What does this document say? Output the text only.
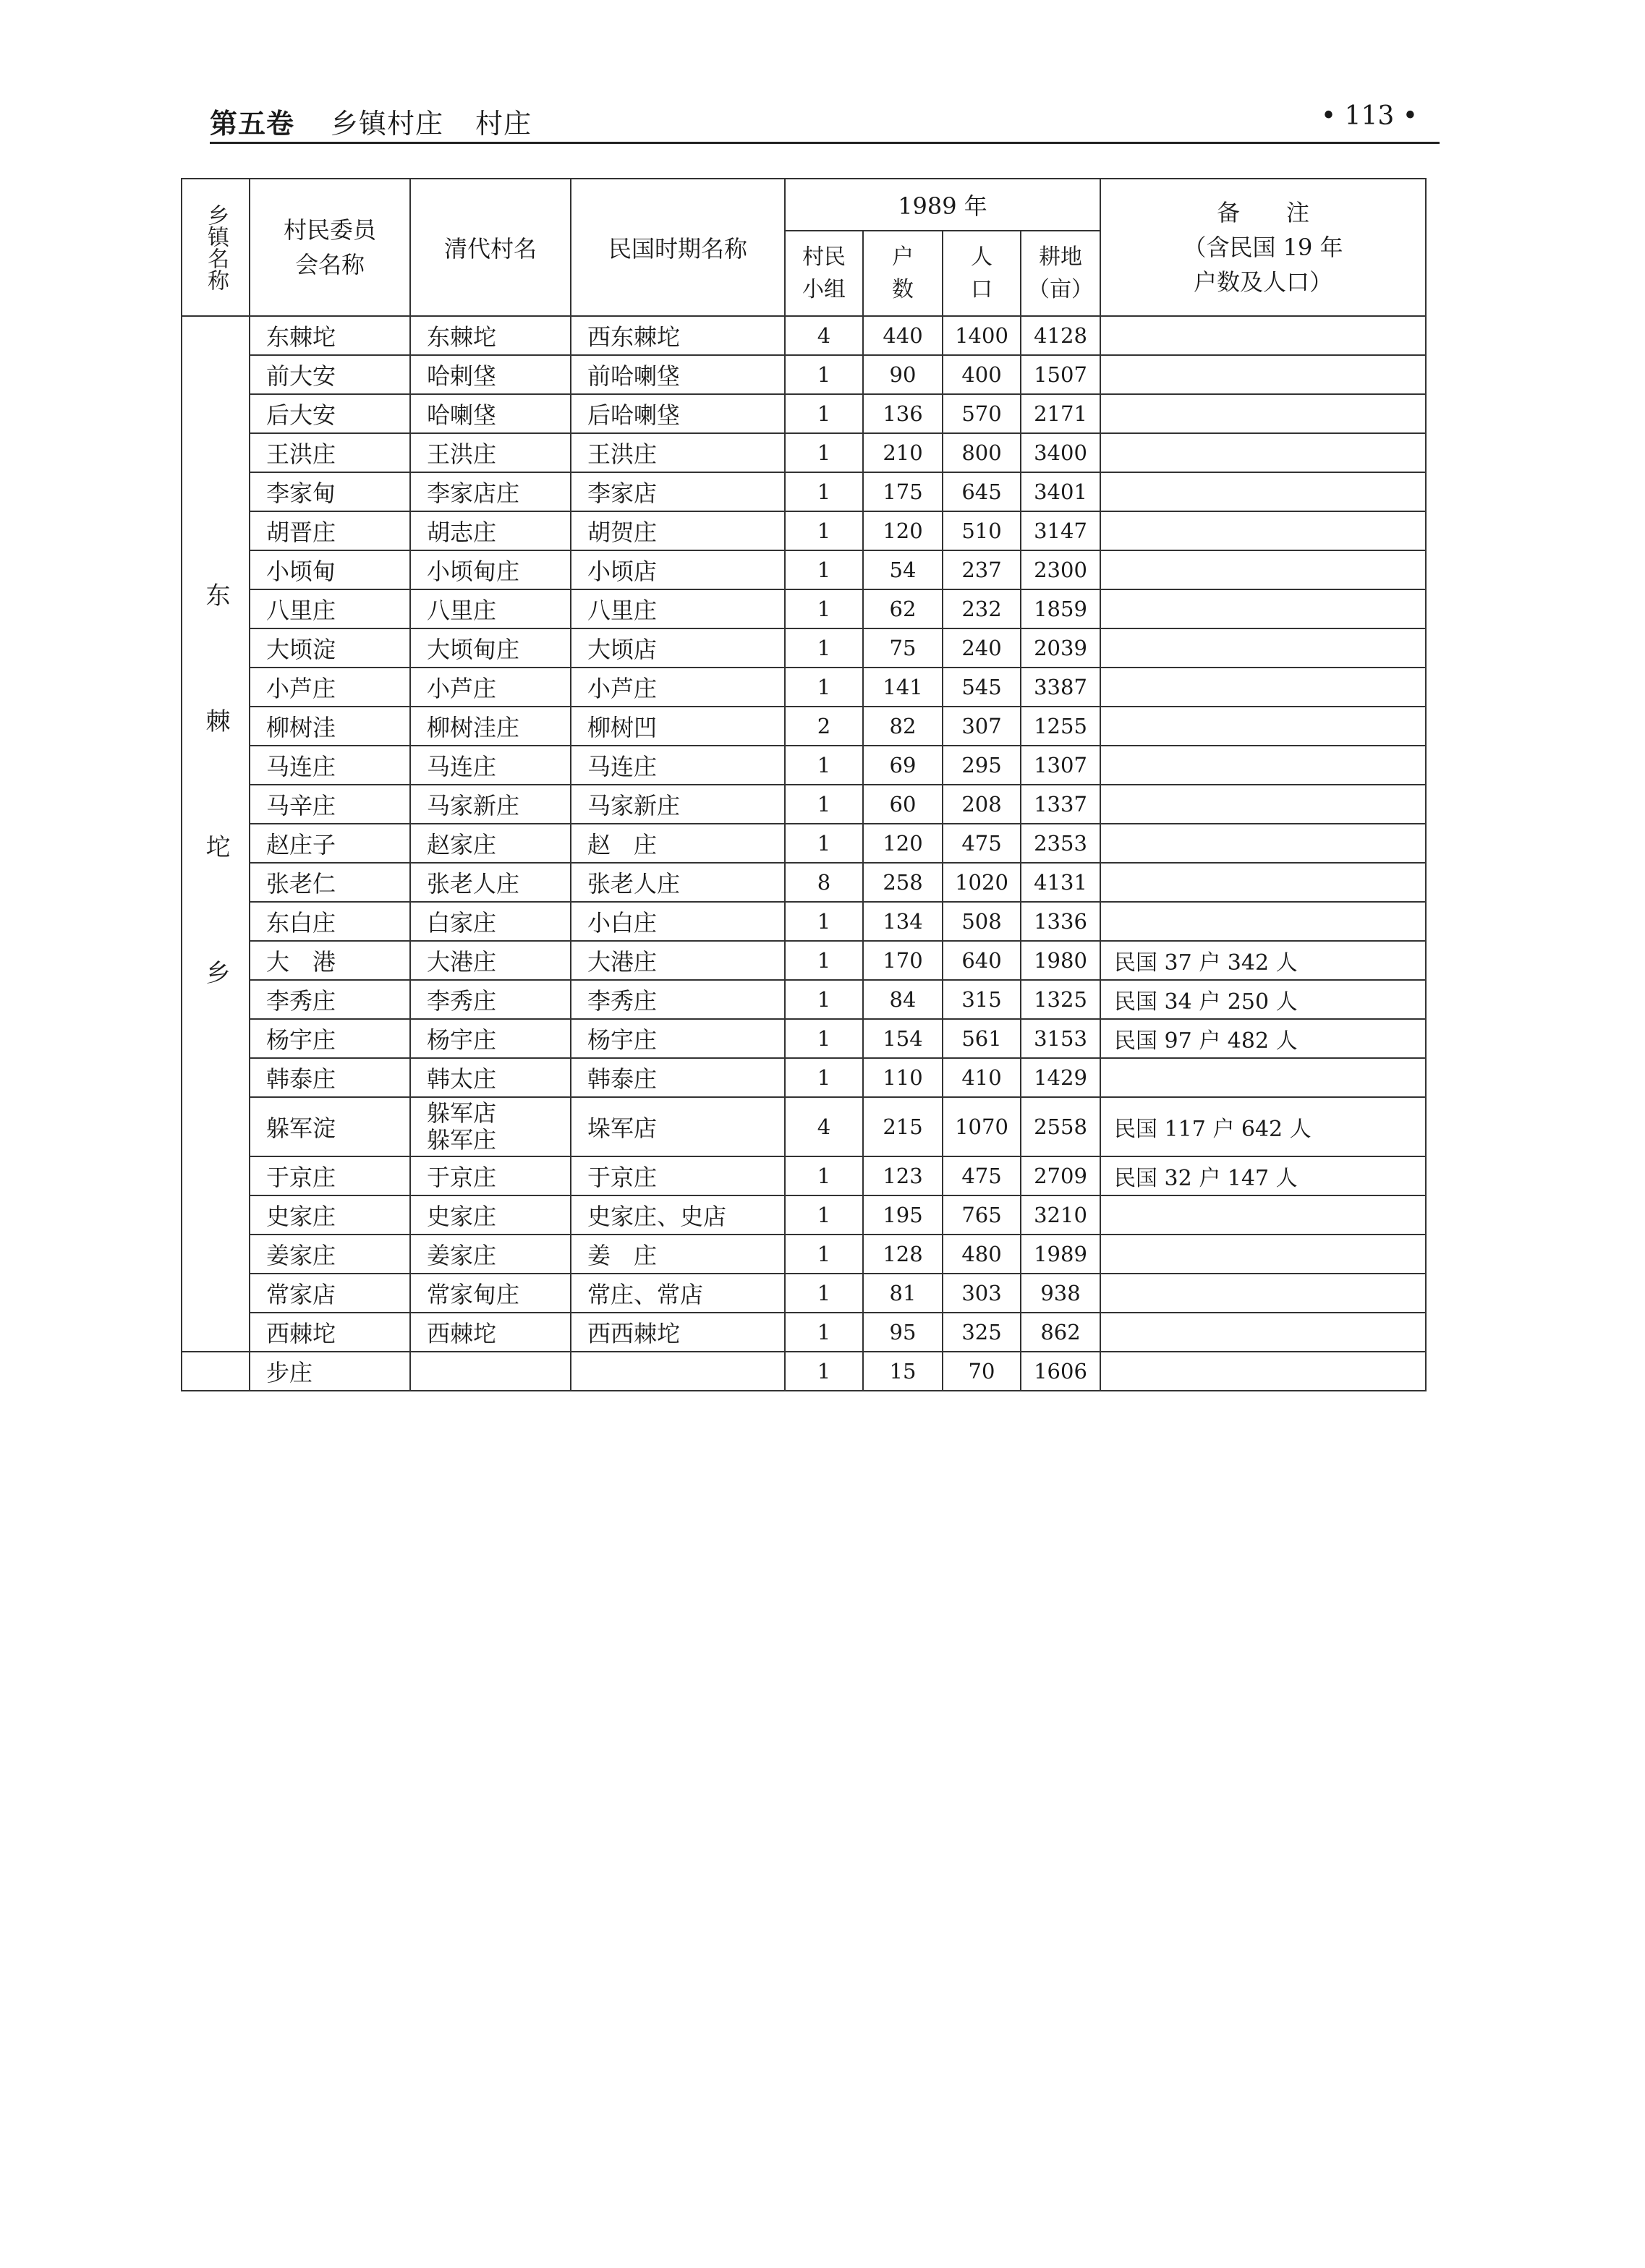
第五卷 乡镇村庄 村庄	• 113 •
乡镇名称	村民委员
会名称	清代村名	民国时期名称	1989 年				备　　注
（含民国 19 年
户数及人口）

				村民
小组	户
数	人
口	耕地
（亩）	

东棘坨乡	东棘坨	东棘坨	西东棘坨	4	440	1400	4128	
	前大安	哈剌垡	前哈喇垡	1	90	400	1507	
	后大安	哈喇垡	后哈喇垡	1	136	570	2171	
	王洪庄	王洪庄	王洪庄	1	210	800	3400	
	李家甸	李家店庄	李家店	1	175	645	3401	
	胡晋庄	胡志庄	胡贺庄	1	120	510	3147	
	小顷甸	小顷甸庄	小顷店	1	54	237	2300	
	八里庄	八里庄	八里庄	1	62	232	1859	
	大顷淀	大顷甸庄	大顷店	1	75	240	2039	
	小芦庄	小芦庄	小芦庄	1	141	545	3387	
	柳树洼	柳树洼庄	柳树凹	2	82	307	1255	
	马连庄	马连庄	马连庄	1	69	295	1307	
	马辛庄	马家新庄	马家新庄	1	60	208	1337	
	赵庄子	赵家庄	赵　庄	1	120	475	2353	
	张老仁	张老人庄	张老人庄	8	258	1020	4131	
	东白庄	白家庄	小白庄	1	134	508	1336	
	大　港	大港庄	大港庄	1	170	640	1980	民国 37 户 342 人
	李秀庄	李秀庄	李秀庄	1	84	315	1325	民国 34 户 250 人
	杨宇庄	杨宇庄	杨宇庄	1	154	561	3153	民国 97 户 482 人
	韩泰庄	韩太庄	韩泰庄	1	110	410	1429	
	躲军淀	躲军店
躲军庄	垛军店	4	215	1070	2558	民国 117 户 642 人
	于京庄	于京庄	于京庄	1	123	475	2709	民国 32 户 147 人
	史家庄	史家庄	史家庄、史店	1	195	765	3210	
	姜家庄	姜家庄	姜　庄	1	128	480	1989	
	常家店	常家甸庄	常庄、常店	1	81	303	938	
	西棘坨	西棘坨	西西棘坨	1	95	325	862	
	步庄			1	15	70	1606	
